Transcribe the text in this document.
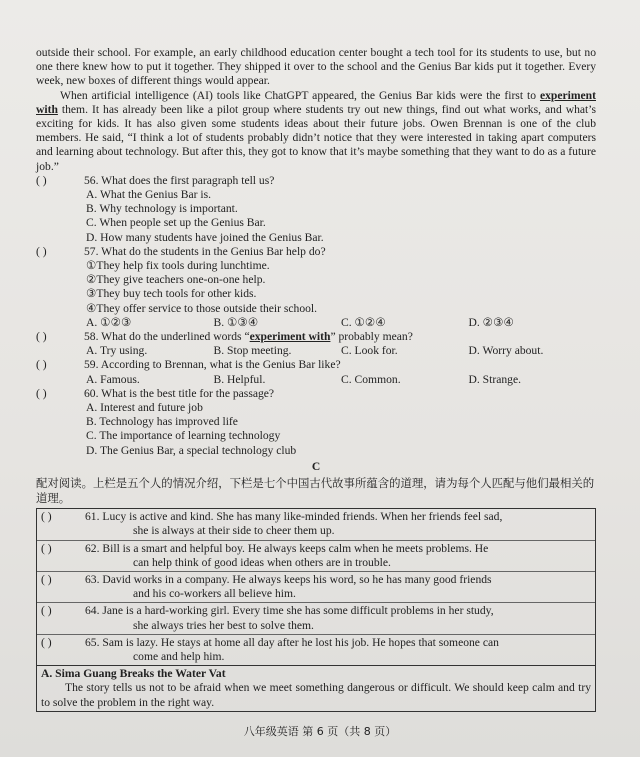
outside their school. For example, an early childhood education center bought a tech tool for its students to use, but no one there knew how to put it together. They shipped it over to the school and the Genius Bar kids put it together. Every week, new boxes of different things would appear.

When artificial intelligence (AI) tools like ChatGPT appeared, the Genius Bar kids were the first to experiment with them. It has already been like a pilot group where students try out new things, find out what works, and what’s exciting for kids. It has also given some students ideas about their future jobs. Owen Brennan is one of the club members. He said, “I think a lot of students probably didn’t notice that they were interested in taking apart computers and learning about technology. But after this, they got to know that it’s maybe something that they want to do as a future job.”

( )	56. What does the first paragraph tell us?

A. What the Genius Bar is.

B. Why technology is important.

C. When people set up the Genius Bar.

D. How many students have joined the Genius Bar.

( )	57. What do the students in the Genius Bar help do?

①They help fix tools during lunchtime.

②They give teachers one-on-one help.

③They buy tech tools for other kids.

④They offer service to those outside their school.

A. ①②③	B. ①③④	C. ①②④	D. ②③④
( )	58. What do the underlined words “experiment with” probably mean?
A. Try using.	B. Stop meeting.	C. Look for.	D. Worry about.
( )	59. According to Brennan, what is the Genius Bar like?
A. Famous.	B. Helpful.	C. Common.	D. Strange.
( )	60. What is the best title for the passage?

A. Interest and future job

B. Technology has improved life

C. The importance of learning technology

D. The Genius Bar, a special technology club

C

配对阅读。上栏是五个人的情况介绍，下栏是七个中国古代故事所蕴含的道理，请为每个人匹配与他们最相关的道理。

( )	61. Lucy is active and kind. She has many like-minded friends. When her friends feel sad,
she is always at their side to cheer them up.
( )	62. Bill is a smart and helpful boy. He always keeps calm when he meets problems. He
can help think of good ideas when others are in trouble.
( )	63. David works in a company. He always keeps his word, so he has many good friends
and his co-workers all believe him.
( )	64. Jane is a hard-working girl. Every time she has some difficult problems in her study,
she always tries her best to solve them.
( )	65. Sam is lazy. He stays at home all day after he lost his job. He hopes that someone can
come and help him.
A. Sima Guang Breaks the Water Vat

The story tells us not to be afraid when we meet something dangerous or difficult. We should keep calm and try to solve the problem in the right way.

八年级英语 第 6 页（共 8 页）
